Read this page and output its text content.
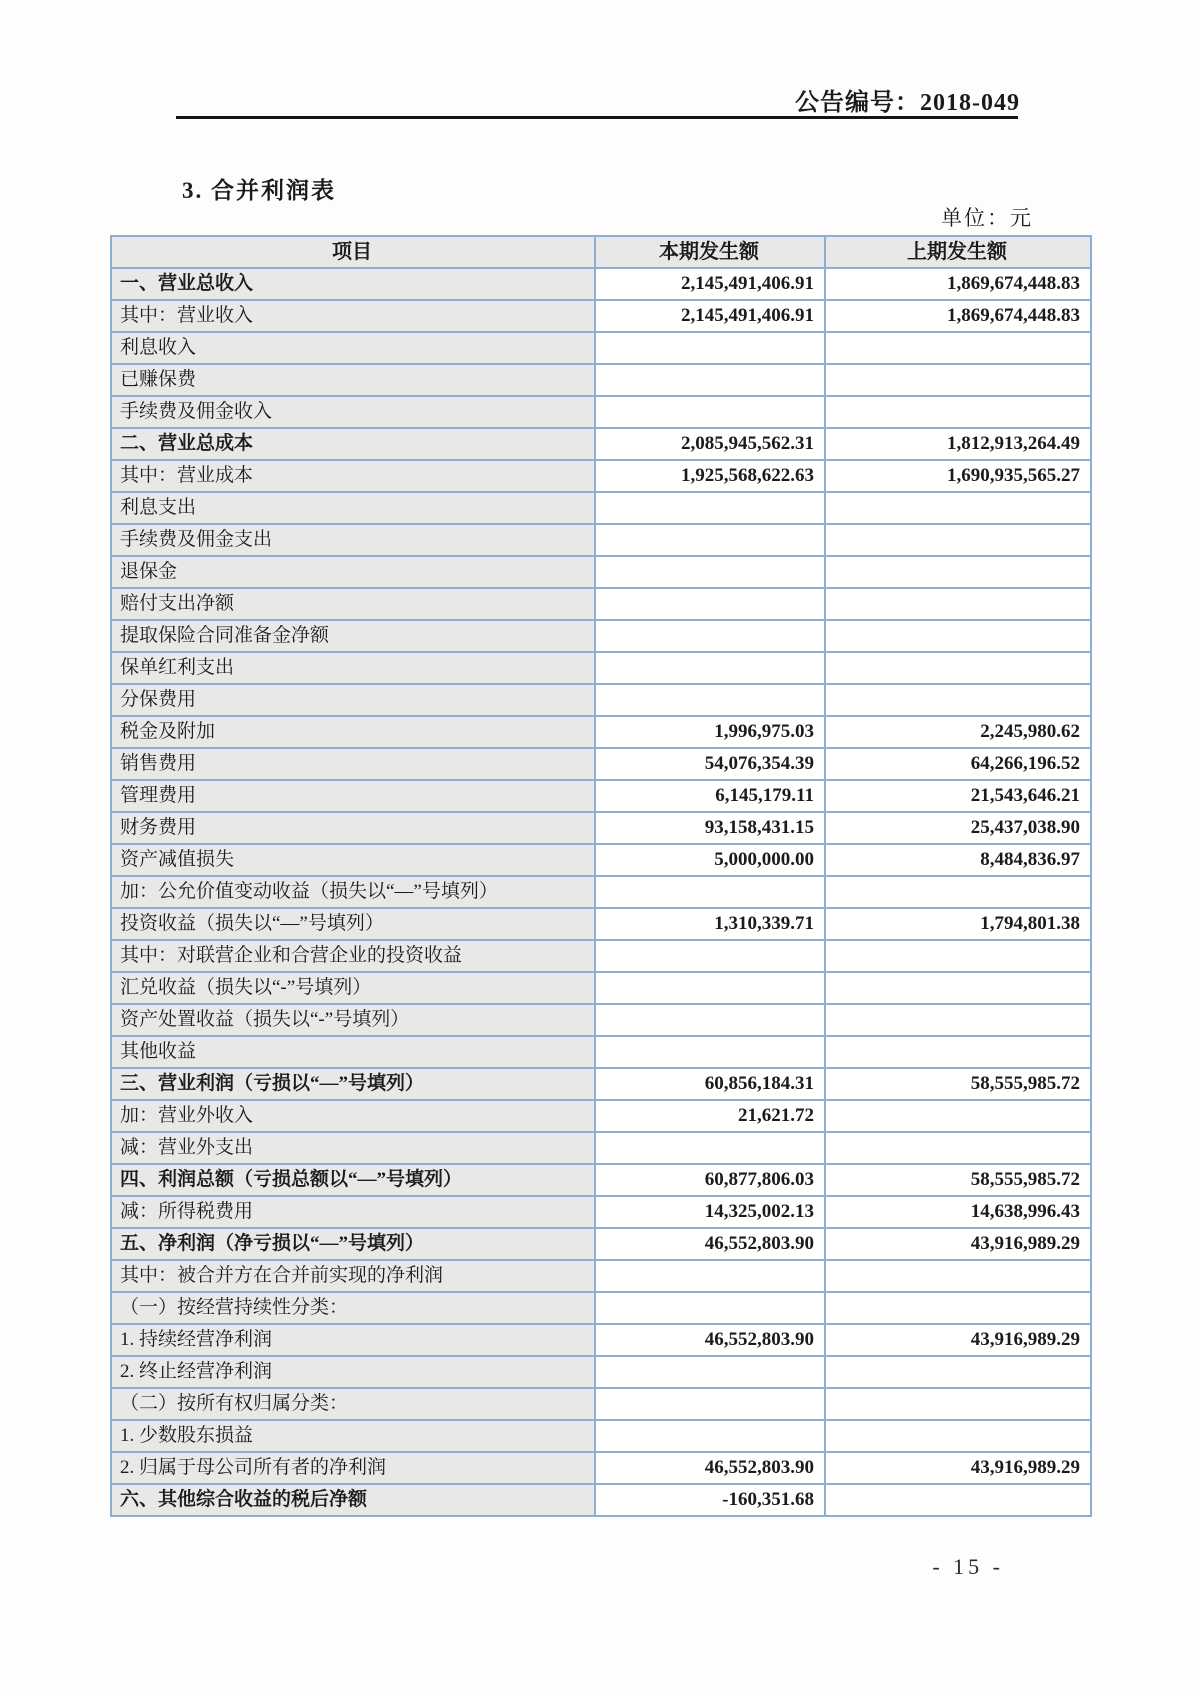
公告编号：2018-049
3. 合并利润表
单位：元
项目	本期发生额	上期发生额
一、营业总收入	2,145,491,406.91	1,869,674,448.83
其中：营业收入	2,145,491,406.91	1,869,674,448.83
利息收入		
已赚保费		
手续费及佣金收入		
二、营业总成本	2,085,945,562.31	1,812,913,264.49
其中：营业成本	1,925,568,622.63	1,690,935,565.27
利息支出		
手续费及佣金支出		
退保金		
赔付支出净额		
提取保险合同准备金净额		
保单红利支出		
分保费用		
税金及附加	1,996,975.03	2,245,980.62
销售费用	54,076,354.39	64,266,196.52
管理费用	6,145,179.11	21,543,646.21
财务费用	93,158,431.15	25,437,038.90
资产减值损失	5,000,000.00	8,484,836.97
加：公允价值变动收益（损失以“—”号填列）		
投资收益（损失以“—”号填列）	1,310,339.71	1,794,801.38
其中：对联营企业和合营企业的投资收益		
汇兑收益（损失以“-”号填列）		
资产处置收益（损失以“-”号填列）		
其他收益		
三、营业利润（亏损以“—”号填列）	60,856,184.31	58,555,985.72
加：营业外收入	21,621.72	
减：营业外支出		
四、利润总额（亏损总额以“—”号填列）	60,877,806.03	58,555,985.72
减：所得税费用	14,325,002.13	14,638,996.43
五、净利润（净亏损以“—”号填列）	46,552,803.90	43,916,989.29
其中：被合并方在合并前实现的净利润		
（一）按经营持续性分类：		
1. 持续经营净利润	46,552,803.90	43,916,989.29
2. 终止经营净利润		
（二）按所有权归属分类：		
1. 少数股东损益		
2. 归属于母公司所有者的净利润	46,552,803.90	43,916,989.29
六、其他综合收益的税后净额	-160,351.68	
- 15 -
